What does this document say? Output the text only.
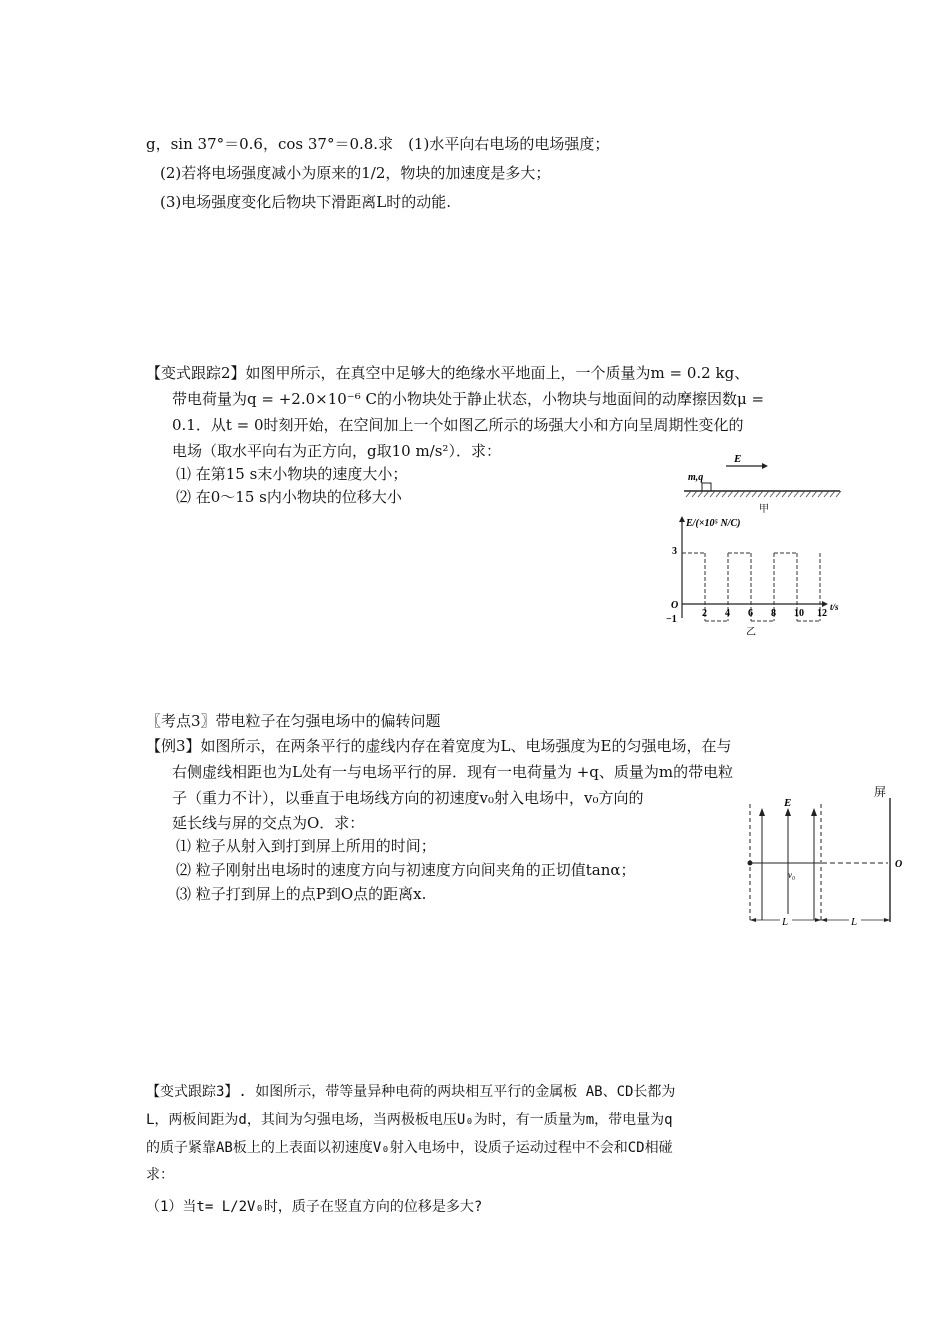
g，sin 37°＝0.6，cos 37°＝0.8.求　(1)水平向右电场的电场强度；
(2)若将电场强度减小为原来的1/2，物块的加速度是多大；
(3)电场强度变化后物块下滑距离L时的动能.
【变式跟踪2】如图甲所示，在真空中足够大的绝缘水平地面上，一个质量为m = 0.2 kg、
带电荷量为q = +2.0×10⁻⁶ C的小物块处于静止状态，小物块与地面间的动摩擦因数μ =
0.1．从t = 0时刻开始，在空间加上一个如图乙所示的场强大小和方向呈周期性变化的
电场（取水平向右为正方向，g取10 m/s²）．求：
⑴ 在第15 s末小物块的速度大小；
⑵ 在0～15 s内小物块的位移大小
m,q
E
甲
E/(×10⁵ N/C)
t/s
O
3
−1
2 4 6 8 10 12
乙
〖考点3〗带电粒子在匀强电场中的偏转问题
【例3】如图所示，在两条平行的虚线内存在着宽度为L、电场强度为E的匀强电场，在与
右侧虚线相距也为L处有一与电场平行的屏．现有一电荷量为 +q、质量为m的带电粒
子（重力不计），以垂直于电场线方向的初速度v₀射入电场中，v₀方向的
延长线与屏的交点为O．求：
⑴ 粒子从射入到打到屏上所用的时间；
⑵ 粒子刚射出电场时的速度方向与初速度方向间夹角的正切值tanα；
⑶ 粒子打到屏上的点P到O点的距离x.
屏
E
v₀
O
L	L
【变式跟踪3】. 如图所示，带等量异种电荷的两块相互平行的金属板 AB、CD长都为
L，两板间距为d，其间为匀强电场，当两极板电压U₀为时，有一质量为m，带电量为q
的质子紧靠AB板上的上表面以初速度V₀射入电场中，设质子运动过程中不会和CD相碰
求：
（1）当t= L/2V₀时，质子在竖直方向的位移是多大?
